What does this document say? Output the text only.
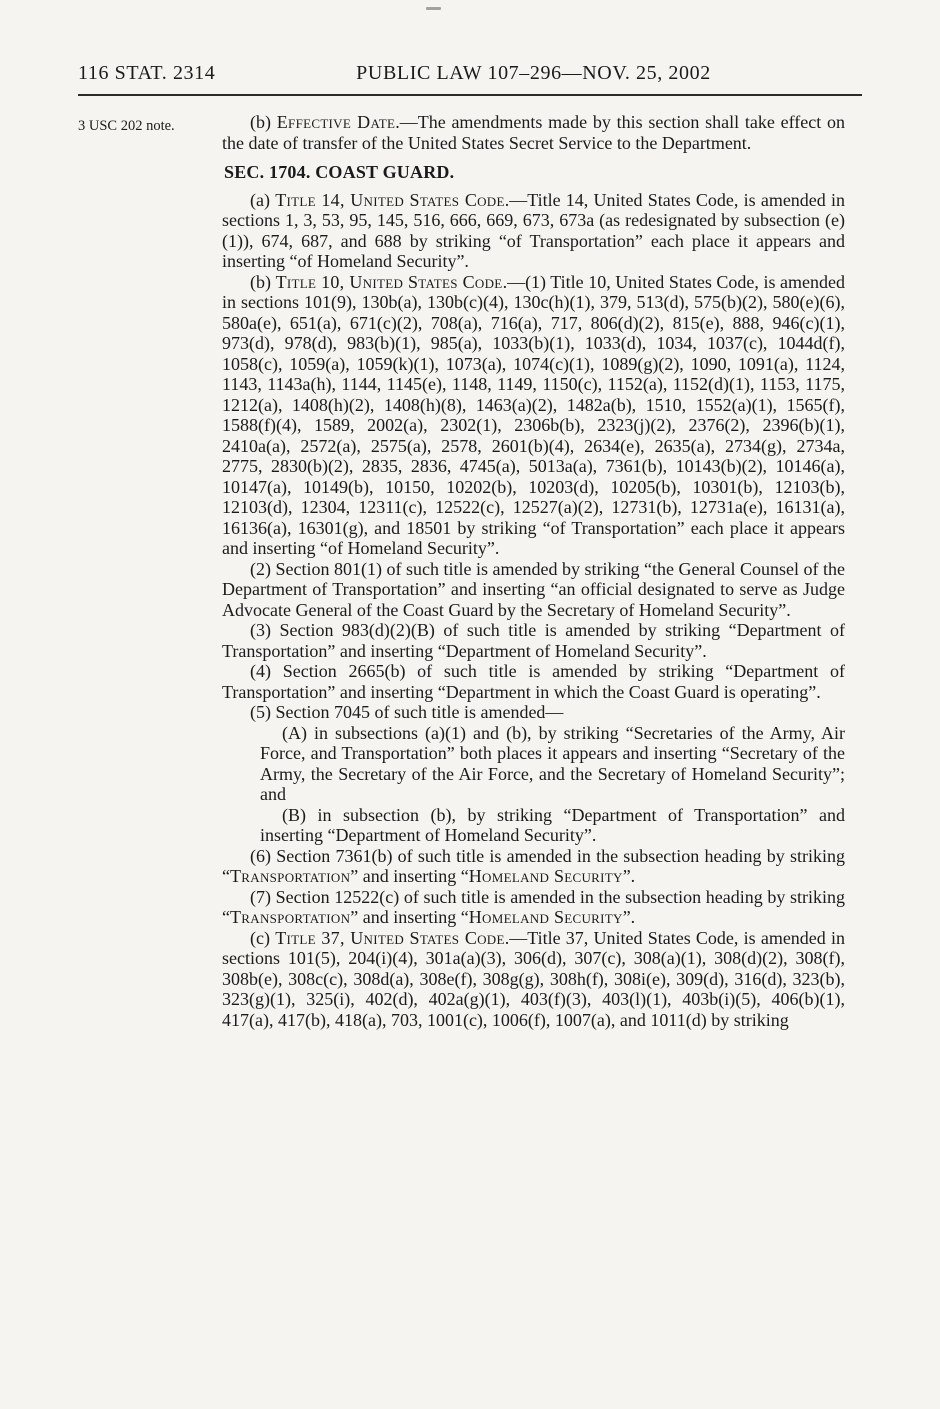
116 STAT. 2314	PUBLIC LAW 107–296—NOV. 25, 2002
3 USC 202 note.	(b) Effective Date.—The amendments made by this section shall take effect on the date of transfer of the United States Secret Service to the Department.

SEC. 1704. COAST GUARD.

(a) Title 14, United States Code.—Title 14, United States Code, is amended in sections 1, 3, 53, 95, 145, 516, 666, 669, 673, 673a (as redesignated by subsection (e)(1)), 674, 687, and 688 by striking “of Transportation” each place it appears and inserting “of Homeland Security”.

(b) Title 10, United States Code.—(1) Title 10, United States Code, is amended in sections 101(9), 130b(a), 130b(c)(4), 130c(h)(1), 379, 513(d), 575(b)(2), 580(e)(6), 580a(e), 651(a), 671(c)(2), 708(a), 716(a), 717, 806(d)(2), 815(e), 888, 946(c)(1), 973(d), 978(d), 983(b)(1), 985(a), 1033(b)(1), 1033(d), 1034, 1037(c), 1044d(f), 1058(c), 1059(a), 1059(k)(1), 1073(a), 1074(c)(1), 1089(g)(2), 1090, 1091(a), 1124, 1143, 1143a(h), 1144, 1145(e), 1148, 1149, 1150(c), 1152(a), 1152(d)(1), 1153, 1175, 1212(a), 1408(h)(2), 1408(h)(8), 1463(a)(2), 1482a(b), 1510, 1552(a)(1), 1565(f), 1588(f)(4), 1589, 2002(a), 2302(1), 2306b(b), 2323(j)(2), 2376(2), 2396(b)(1), 2410a(a), 2572(a), 2575(a), 2578, 2601(b)(4), 2634(e), 2635(a), 2734(g), 2734a, 2775, 2830(b)(2), 2835, 2836, 4745(a), 5013a(a), 7361(b), 10143(b)(2), 10146(a), 10147(a), 10149(b), 10150, 10202(b), 10203(d), 10205(b), 10301(b), 12103(b), 12103(d), 12304, 12311(c), 12522(c), 12527(a)(2), 12731(b), 12731a(e), 16131(a), 16136(a), 16301(g), and 18501 by striking “of Transportation” each place it appears and inserting “of Homeland Security”.

(2) Section 801(1) of such title is amended by striking “the General Counsel of the Department of Transportation” and inserting “an official designated to serve as Judge Advocate General of the Coast Guard by the Secretary of Homeland Security”.

(3) Section 983(d)(2)(B) of such title is amended by striking “Department of Transportation” and inserting “Department of Homeland Security”.

(4) Section 2665(b) of such title is amended by striking “Department of Transportation” and inserting “Department in which the Coast Guard is operating”.

(5) Section 7045 of such title is amended—

(A) in subsections (a)(1) and (b), by striking “Secretaries of the Army, Air Force, and Transportation” both places it appears and inserting “Secretary of the Army, the Secretary of the Air Force, and the Secretary of Homeland Security”; and

(B) in subsection (b), by striking “Department of Transportation” and inserting “Department of Homeland Security”.

(6) Section 7361(b) of such title is amended in the subsection heading by striking “Transportation” and inserting “Homeland Security”.

(7) Section 12522(c) of such title is amended in the subsection heading by striking “Transportation” and inserting “Homeland Security”.

(c) Title 37, United States Code.—Title 37, United States Code, is amended in sections 101(5), 204(i)(4), 301a(a)(3), 306(d), 307(c), 308(a)(1), 308(d)(2), 308(f), 308b(e), 308c(c), 308d(a), 308e(f), 308g(g), 308h(f), 308i(e), 309(d), 316(d), 323(b), 323(g)(1), 325(i), 402(d), 402a(g)(1), 403(f)(3), 403(l)(1), 403b(i)(5), 406(b)(1), 417(a), 417(b), 418(a), 703, 1001(c), 1006(f), 1007(a), and 1011(d) by striking
